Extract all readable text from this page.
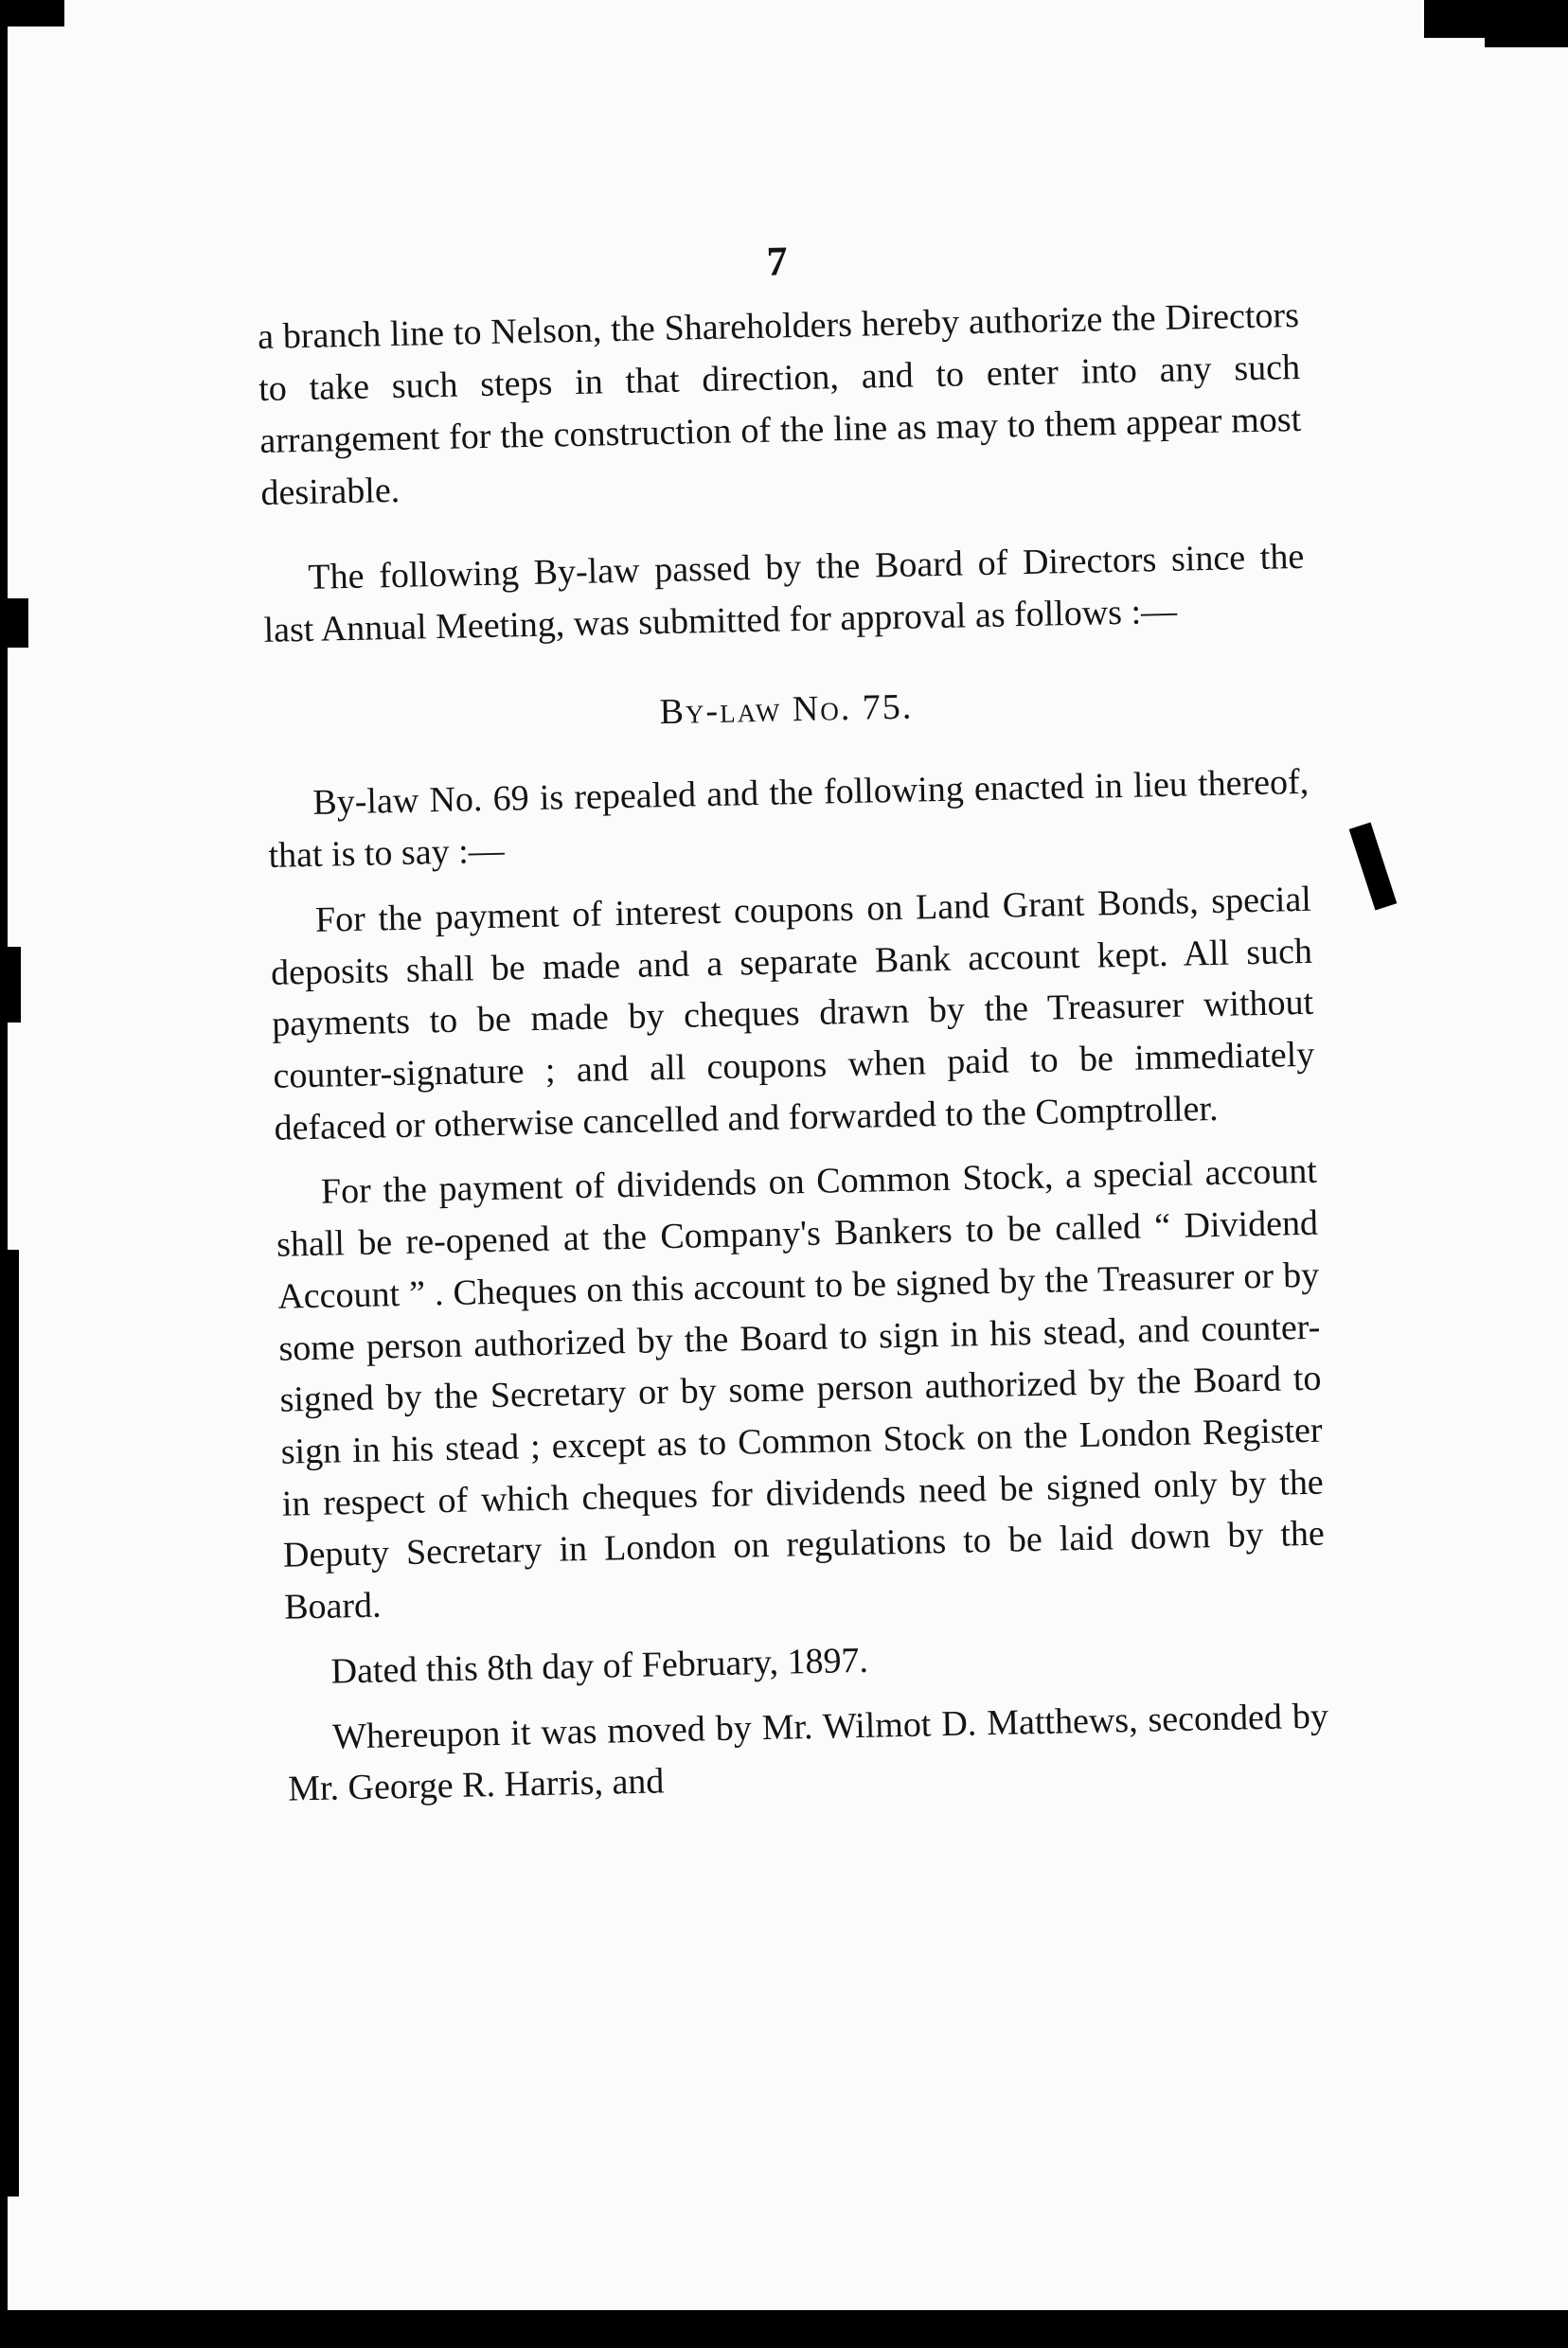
7

a branch line to Nelson, the Shareholders hereby authorize the Directors to take such steps in that direction, and to enter into any such arrangement for the construction of the line as may to them appear most desirable.

The following By-law passed by the Board of Directors since the last Annual Meeting, was submitted for approval as follows :—

By-law No. 75.

By-law No. 69 is repealed and the following enacted in lieu thereof, that is to say :—

For the payment of interest coupons on Land Grant Bonds, special deposits shall be made and a separate Bank account kept. All such payments to be made by cheques drawn by the Treasurer without counter-signature ; and all coupons when paid to be immediately defaced or otherwise cancelled and forwarded to the Comptroller.

For the payment of dividends on Common Stock, a special account shall be re-opened at the Company's Bankers to be called “ Dividend Account ” . Cheques on this account to be signed by the Treasurer or by some person authorized by the Board to sign in his stead, and counter-signed by the Secretary or by some person authorized by the Board to sign in his stead ; except as to Common Stock on the London Register in respect of which cheques for dividends need be signed only by the Deputy Secretary in London on regulations to be laid down by the Board.

Dated this 8th day of February, 1897.

Whereupon it was moved by Mr. Wilmot D. Matthews, seconded by Mr. George R. Harris, and
